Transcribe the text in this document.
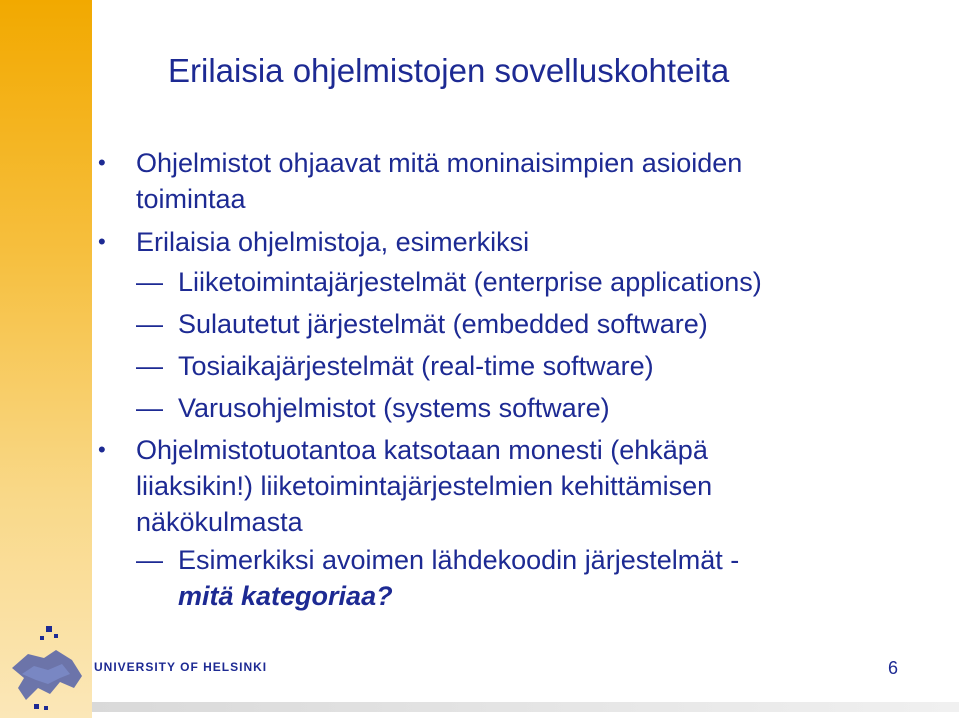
Erilaisia ohjelmistojen sovelluskohteita
• Ohjelmistot ohjaavat mitä moninaisimpien asioiden
toimintaa
• Erilaisia ohjelmistoja, esimerkiksi
— Liiketoimintajärjestelmät (enterprise applications)
— Sulautetut järjestelmät (embedded software)
— Tosiaikajärjestelmät (real-time software)
— Varusohjelmistot (systems software)
• Ohjelmistotuotantoa katsotaan monesti (ehkäpä
liiaksikin!) liiketoimintajärjestelmien kehittämisen
näkökulmasta
— Esimerkiksi avoimen lähdekoodin järjestelmät -
mitä kategoriaa?
UNIVERSITY OF HELSINKI	6
